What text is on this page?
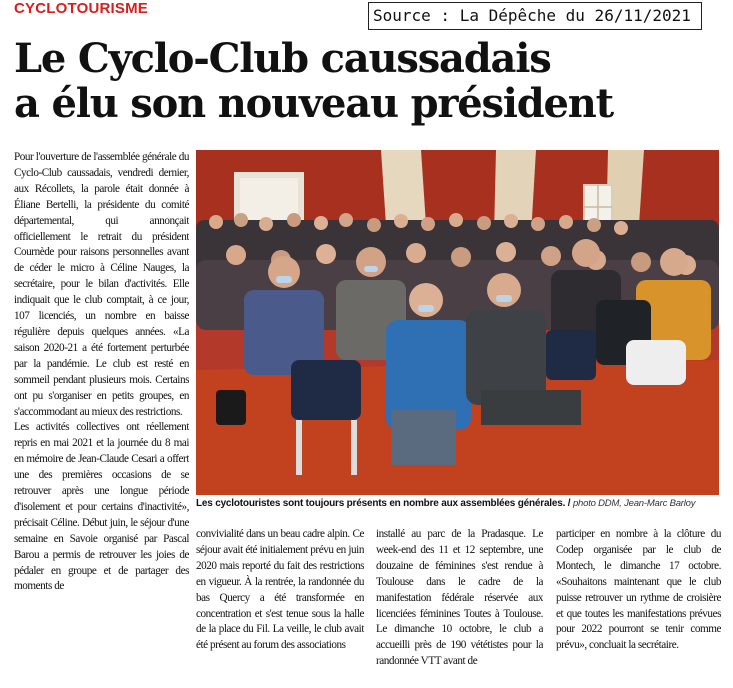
CYCLOTOURISME	Source : La Dépêche du 26/11/2021
Le Cyclo-Club caussadais
a élu son nouveau président

Pour l'ouverture de l'assemblée générale du Cyclo-Club caussadais, vendredi dernier, aux Récollets, la parole était donnée à Éliane Bertelli, la présidente du comité départemental, qui annonçait officiellement le retrait du président Cournède pour raisons personnelles avant de céder le micro à Céline Nauges, la secrétaire, pour le bilan d'activités. Elle indiquait que le club comptait, à ce jour, 107 licenciés, un nombre en baisse régulière depuis quelques années. «La saison 2020-21 a été fortement perturbée par la pandémie. Le club est resté en sommeil pendant plusieurs mois. Certains ont pu s'organiser en petits groupes, en s'accommodant au mieux des restrictions.

Les activités collectives ont réellement repris en mai 2021 et la journée du 8 mai en mémoire de Jean-Claude Cesari a offert une des premières occasions de se retrouver après une longue période d'isolement et pour certains d'inactivité», précisait Céline. Début juin, le séjour d'une semaine en Savoie organisé par Pascal Barou a permis de retrouver les joies de pédaler en groupe et de partager des moments de

Les cyclotouristes sont toujours présents en nombre aux assemblées générales. / photo DDM, Jean-Marc Barloy

convivialité dans un beau cadre alpin. Ce séjour avait été initialement prévu en juin 2020 mais reporté du fait des restrictions en vigueur. À la rentrée, la randonnée du bas Quercy a été transformée en concentration et s'est tenue sous la halle de la place du Fil. La veille, le club avait été présent au forum des associations

installé au parc de la Pradasque. Le week-end des 11 et 12 septembre, une douzaine de féminines s'est rendue à Toulouse dans le cadre de la manifestation fédérale réservée aux licenciées féminines Toutes à Toulouse. Le dimanche 10 octobre, le club a accueilli près de 190 vététistes pour la randonnée VTT avant de

participer en nombre à la clôture du Codep organisée par le club de Montech, le dimanche 17 octobre. «Souhaitons maintenant que le club puisse retrouver un rythme de croisière et que toutes les manifestations prévues pour 2022 pourront se tenir comme prévu», concluait la secrétaire.
